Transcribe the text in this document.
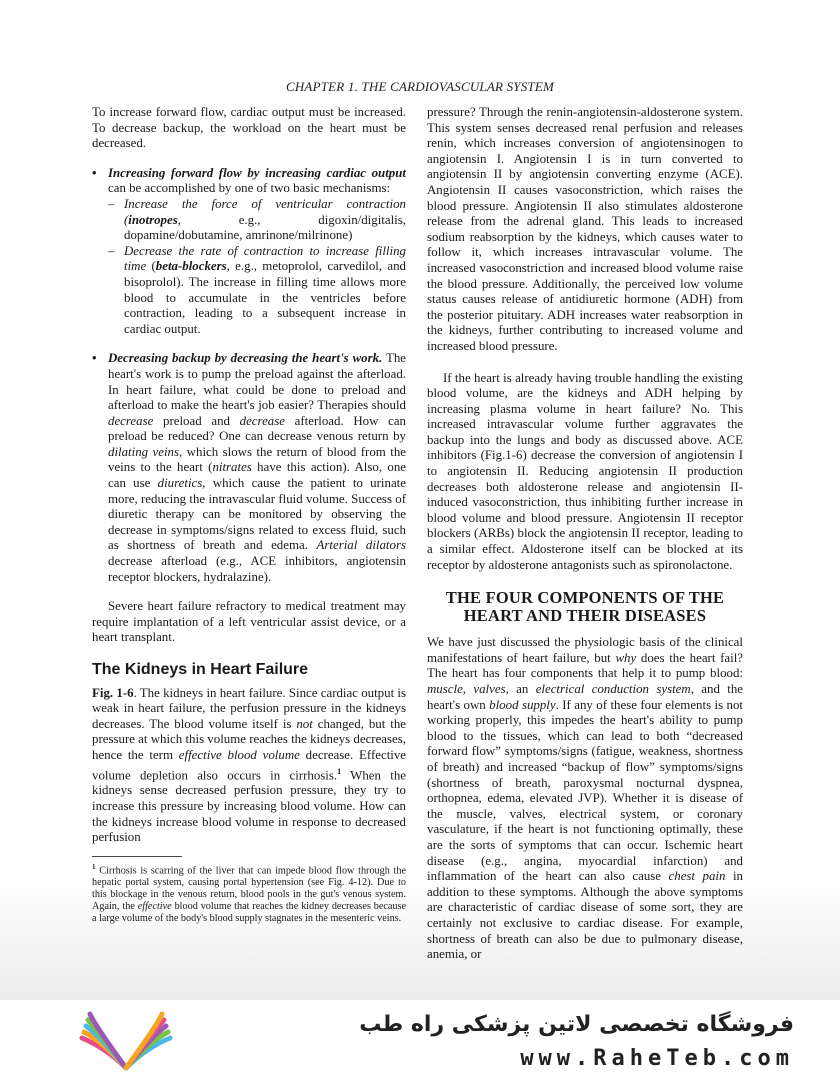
CHAPTER 1. THE CARDIOVASCULAR SYSTEM

To increase forward flow, cardiac output must be increased. To decrease backup, the workload on the heart must be decreased.

• Increasing forward flow by increasing cardiac output can be accomplished by one of two basic mechanisms:
– Increase the force of ventricular contraction (inotropes, e.g., digoxin/digitalis, dopamine/dobutamine, amrinone/milrinone)
– Decrease the rate of contraction to increase filling time (beta-blockers, e.g., metoprolol, carvedilol, and bisoprolol). The increase in filling time allows more blood to accumulate in the ventricles before contraction, leading to a subsequent increase in cardiac output.
• Decreasing backup by decreasing the heart's work. The heart's work is to pump the preload against the afterload. In heart failure, what could be done to preload and afterload to make the heart's job easier? Therapies should decrease preload and decrease afterload. How can preload be reduced? One can decrease venous return by dilating veins, which slows the return of blood from the veins to the heart (nitrates have this action). Also, one can use diuretics, which cause the patient to urinate more, reducing the intravascular fluid volume. Success of diuretic therapy can be monitored by observing the decrease in symptoms/signs related to excess fluid, such as shortness of breath and edema. Arterial dilators decrease afterload (e.g., ACE inhibitors, angiotensin receptor blockers, hydralazine).

Severe heart failure refractory to medical treatment may require implantation of a left ventricular assist device, or a heart transplant.

The Kidneys in Heart Failure

Fig. 1-6. The kidneys in heart failure. Since cardiac output is weak in heart failure, the perfusion pressure in the kidneys decreases. The blood volume itself is not changed, but the pressure at which this volume reaches the kidneys decreases, hence the term effective blood volume decrease. Effective volume depletion also occurs in cirrhosis.$^1$ When the kidneys sense decreased perfusion pressure, they try to increase this pressure by increasing blood volume. How can the kidneys increase blood volume in response to decreased perfusion

$^1$ Cirrhosis is scarring of the liver that can impede blood flow through the hepatic portal system, causing portal hypertension (see Fig. 4-12). Due to this blockage in the venous return, blood pools in the gut's venous system. Again, the effective blood volume that reaches the kidney decreases because a large volume of the body's blood supply stagnates in the mesenteric veins.

pressure? Through the renin-angiotensin-aldosterone system. This system senses decreased renal perfusion and releases renin, which increases conversion of angiotensinogen to angiotensin I. Angiotensin I is in turn converted to angiotensin II by angiotensin converting enzyme (ACE). Angiotensin II causes vasoconstriction, which raises the blood pressure. Angiotensin II also stimulates aldosterone release from the adrenal gland. This leads to increased sodium reabsorption by the kidneys, which causes water to follow it, which increases intravascular volume. The increased vasoconstriction and increased blood volume raise the blood pressure. Additionally, the perceived low volume status causes release of antidiuretic hormone (ADH) from the posterior pituitary. ADH increases water reabsorption in the kidneys, further contributing to increased volume and increased blood pressure.

If the heart is already having trouble handling the existing blood volume, are the kidneys and ADH helping by increasing plasma volume in heart failure? No. This increased intravascular volume further aggravates the backup into the lungs and body as discussed above. ACE inhibitors (Fig.1-6) decrease the conversion of angiotensin I to angiotensin II. Reducing angiotensin II production decreases both aldosterone release and angiotensin II-induced vasoconstriction, thus inhibiting further increase in blood volume and blood pressure. Angiotensin II receptor blockers (ARBs) block the angiotensin II receptor, leading to a similar effect. Aldosterone itself can be blocked at its receptor by aldosterone antagonists such as spironolactone.

THE FOUR COMPONENTS OF THE HEART AND THEIR DISEASES

We have just discussed the physiologic basis of the clinical manifestations of heart failure, but why does the heart fail? The heart has four components that help it to pump blood: muscle, valves, an electrical conduction system, and the heart's own blood supply. If any of these four elements is not working properly, this impedes the heart's ability to pump blood to the tissues, which can lead to both “decreased forward flow” symptoms/signs (fatigue, weakness, shortness of breath) and increased “backup of flow” symptoms/signs (shortness of breath, paroxysmal nocturnal dyspnea, orthopnea, edema, elevated JVP). Whether it is disease of the muscle, valves, electrical system, or coronary vasculature, if the heart is not functioning optimally, these are the sorts of symptoms that can occur. Ischemic heart disease (e.g., angina, myocardial infarction) and inflammation of the heart can also cause chest pain in addition to these symptoms. Although the above symptoms are characteristic of cardiac disease of some sort, they are certainly not exclusive to cardiac disease. For example, shortness of breath can also be due to pulmonary disease, anemia, or

فروشگاه تخصصی لاتین پزشکی راه طب
www.RaheTeb.com
